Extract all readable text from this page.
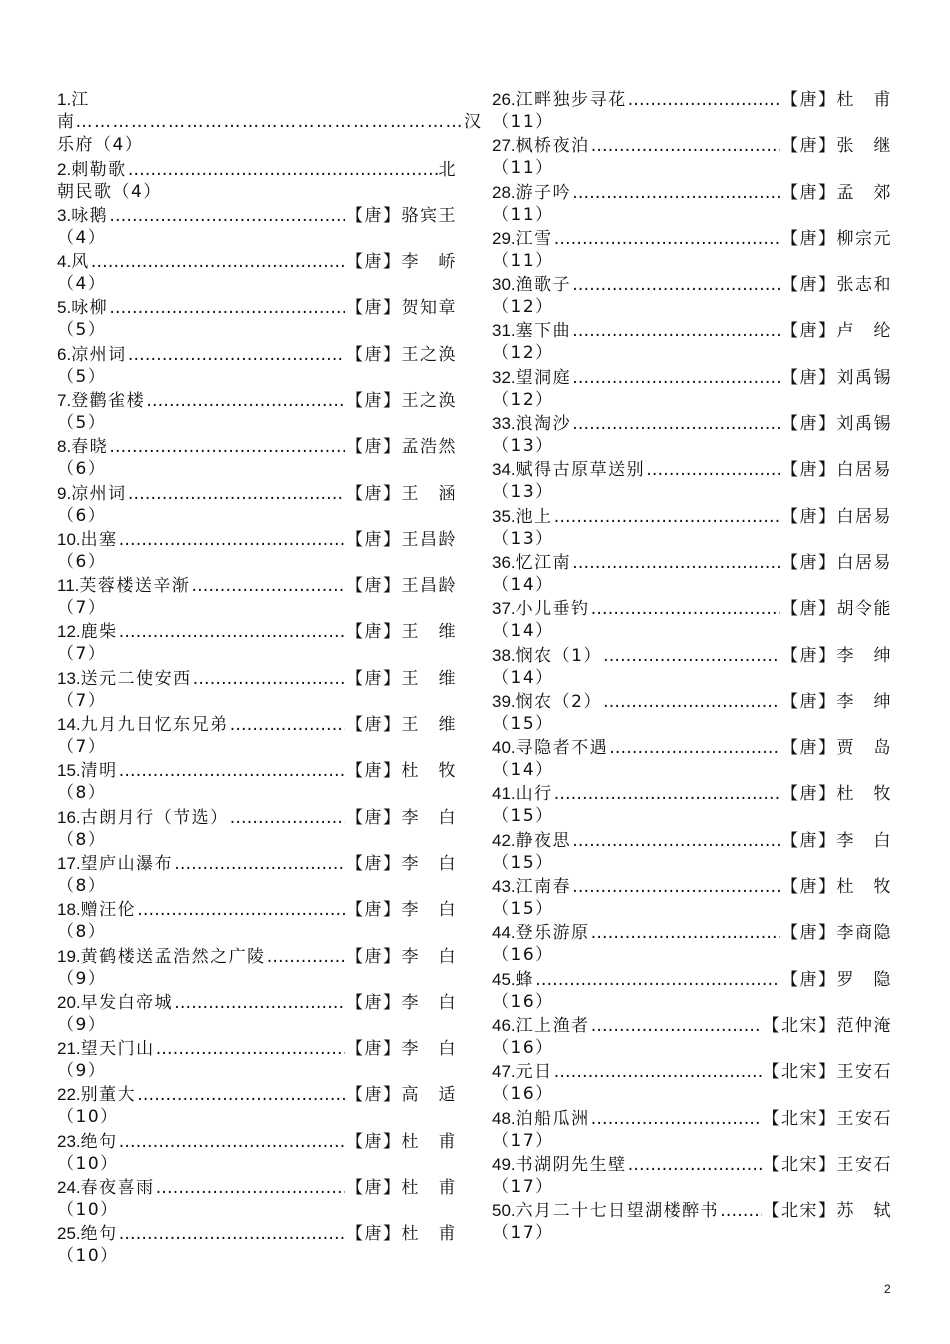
1. 江
南………………………………………………………汉
乐府（4）
2. 刺勒歌 ……………………………………………………………………………………………………	北
朝民歌（4）
3. 咏鹅 ……………………………………………………………………………………………………	【唐】骆宾王
（4）
4. 风 ……………………………………………………………………………………………………	【唐】李　峤
（4）
5. 咏柳 ……………………………………………………………………………………………………	【唐】贺知章
（5）
6. 凉州词 ……………………………………………………………………………………………………	【唐】王之涣
（5）
7. 登鹳雀楼 ……………………………………………………………………………………………………	【唐】王之涣
（5）
8. 春晓 ……………………………………………………………………………………………………	【唐】孟浩然
（6）
9. 凉州词 ……………………………………………………………………………………………………	【唐】王　涵
（6）
10. 出塞 ……………………………………………………………………………………………………	【唐】王昌龄
（6）
11. 芙蓉楼送辛渐 ……………………………………………………………………………………………………	【唐】王昌龄
（7）
12. 鹿柴 ……………………………………………………………………………………………………	【唐】王　维
（7）
13. 送元二使安西 ……………………………………………………………………………………………………	【唐】王　维
（7）
14. 九月九日忆东兄弟 ……………………………………………………………………………………………………	【唐】王　维
（7）
15. 清明 ……………………………………………………………………………………………………	【唐】杜　牧
（8）
16. 古朗月行（节选） ……………………………………………………………………………………………………	【唐】李　白
（8）
17. 望庐山瀑布 ……………………………………………………………………………………………………	【唐】李　白
（8）
18. 赠汪伦 ……………………………………………………………………………………………………	【唐】李　白
（8）
19. 黄鹤楼送孟浩然之广陵 ……………………………………………………………………………………………………	【唐】李　白
（9）
20. 早发白帝城 ……………………………………………………………………………………………………	【唐】李　白
（9）
21. 望天门山 ……………………………………………………………………………………………………	【唐】李　白
（9）
22. 别董大 ……………………………………………………………………………………………………	【唐】高　适
（10）
23. 绝句 ……………………………………………………………………………………………………	【唐】杜　甫
（10）
24. 春夜喜雨 ……………………………………………………………………………………………………	【唐】杜　甫
（10）
25. 绝句 ……………………………………………………………………………………………………	【唐】杜　甫
（10）
26. 江畔独步寻花 ……………………………………………………………………………………………………	【唐】杜　甫
（11）
27. 枫桥夜泊 ……………………………………………………………………………………………………	【唐】张　继
（11）
28. 游子吟 ……………………………………………………………………………………………………	【唐】孟　郊
（11）
29. 江雪 ……………………………………………………………………………………………………	【唐】柳宗元
（11）
30. 渔歌子 ……………………………………………………………………………………………………	【唐】张志和
（12）
31. 塞下曲 ……………………………………………………………………………………………………	【唐】卢　纶
（12）
32. 望洞庭 ……………………………………………………………………………………………………	【唐】刘禹锡
（12）
33. 浪淘沙 ……………………………………………………………………………………………………	【唐】刘禹锡
（13）
34. 赋得古原草送别 ……………………………………………………………………………………………………	【唐】白居易
（13）
35. 池上 ……………………………………………………………………………………………………	【唐】白居易
（13）
36. 忆江南 ……………………………………………………………………………………………………	【唐】白居易
（14）
37. 小儿垂钓 ……………………………………………………………………………………………………	【唐】胡令能
（14）
38. 悯农（1） ……………………………………………………………………………………………………	【唐】李　绅
（14）
39. 悯农（2） ……………………………………………………………………………………………………	【唐】李　绅
（15）
40. 寻隐者不遇 ……………………………………………………………………………………………………	【唐】贾　岛
（14）
41. 山行 ……………………………………………………………………………………………………	【唐】杜　牧
（15）
42. 静夜思 ……………………………………………………………………………………………………	【唐】李　白
（15）
43. 江南春 ……………………………………………………………………………………………………	【唐】杜　牧
（15）
44. 登乐游原 ……………………………………………………………………………………………………	【唐】李商隐
（16）
45. 蜂 ……………………………………………………………………………………………………	【唐】罗　隐
（16）
46. 江上渔者 ……………………………………………………………………………………………………	【北宋】范仲淹
（16）
47. 元日 ……………………………………………………………………………………………………	【北宋】王安石
（16）
48. 泊船瓜洲 ……………………………………………………………………………………………………	【北宋】王安石
（17）
49. 书湖阴先生壁 ……………………………………………………………………………………………………	【北宋】王安石
（17）
50. 六月二十七日望湖楼醉书 ……………………………………………………………………………………………………	【北宋】苏　轼
（17）
2
